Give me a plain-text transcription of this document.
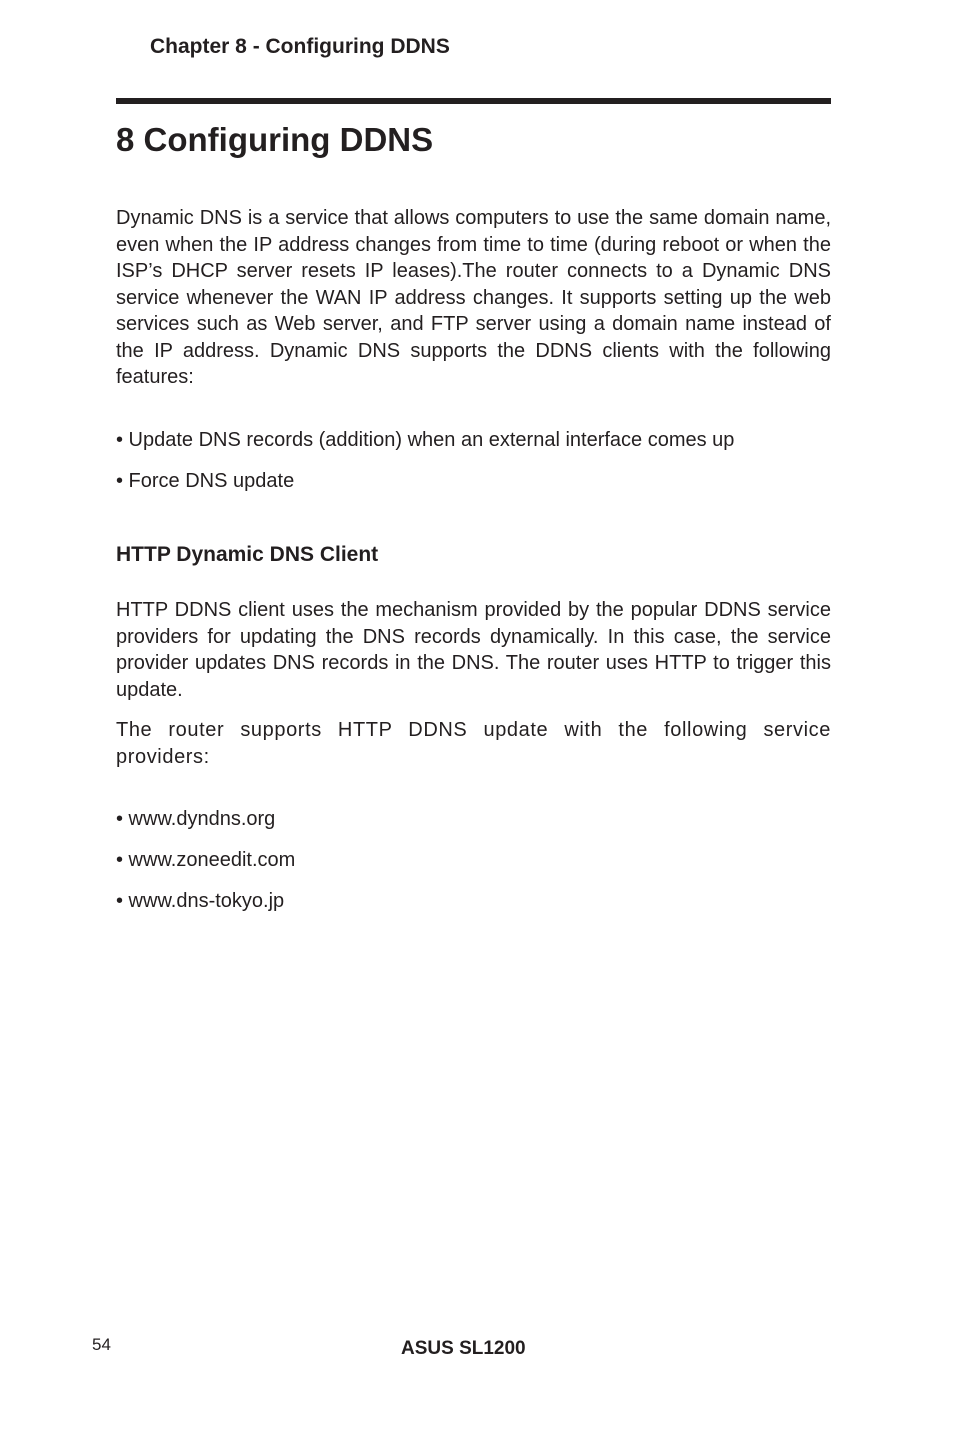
Chapter 8 - Configuring DDNS
8 Configuring DDNS

Dynamic DNS is a service that allows computers to use the same domain name, even when the IP address changes from time to time (during reboot or when the ISP’s DHCP server resets IP leases).The router connects to a Dynamic DNS service whenever the WAN IP address changes. It supports setting up the web services such as Web server, and FTP server using a domain name instead of the IP address. Dynamic DNS supports the DDNS clients with the following features:

• Update DNS records (addition) when an external interface comes up

• Force DNS update

HTTP Dynamic DNS Client

HTTP DDNS client uses the mechanism provided by the popular DDNS service providers for updating the DNS records dynamically. In this case, the service provider updates DNS records in the DNS. The router uses HTTP to trigger this update.

The router supports HTTP DDNS update with the following service providers:

• www.dyndns.org

• www.zoneedit.com

• www.dns-tokyo.jp

54	ASUS SL1200
